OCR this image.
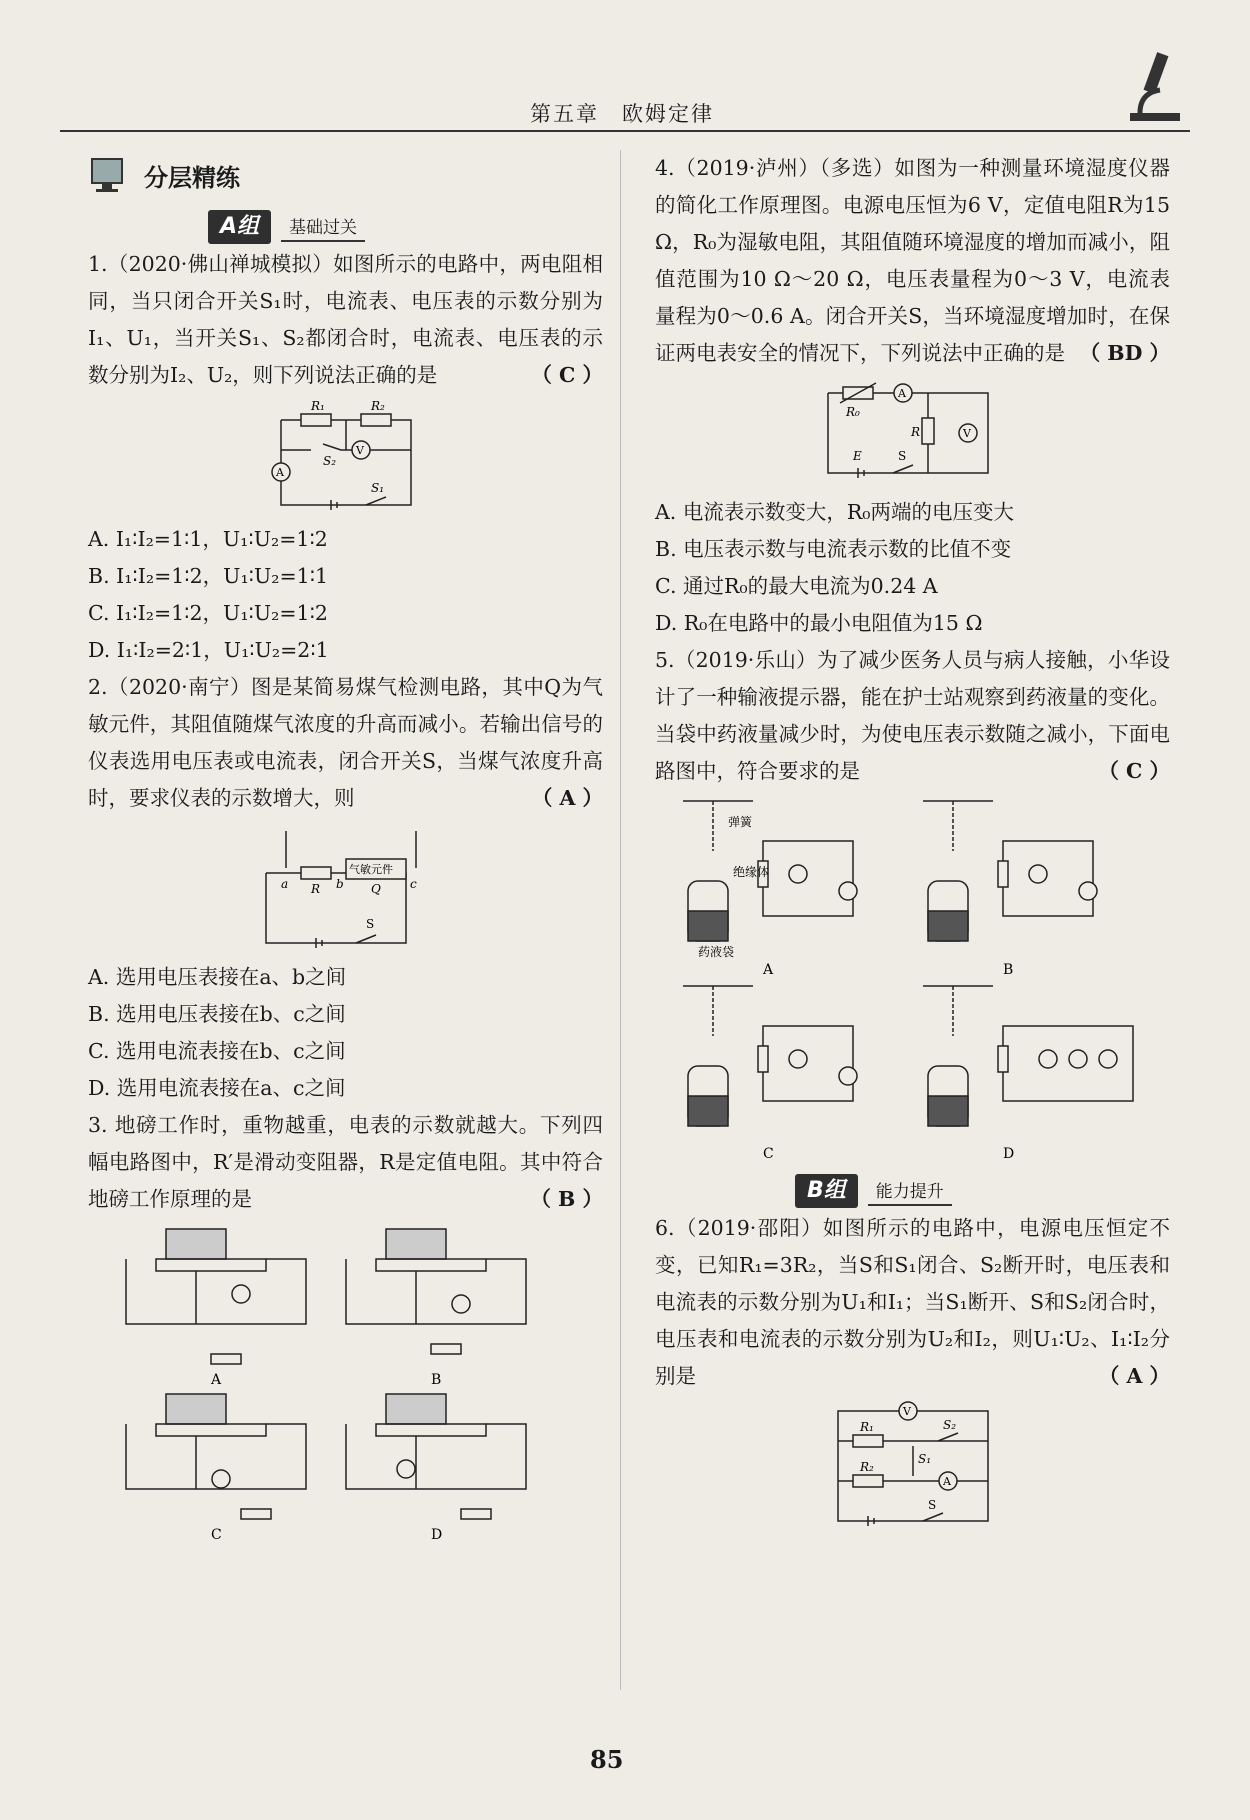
第五章　欧姆定律
分层精练
A组	基础过关

1.（2020·佛山禅城模拟）如图所示的电路中，两电阻相同，当只闭合开关S₁时，电流表、电压表的示数分别为I₁、U₁，当开关S₁、S₂都闭合时，电流表、电压表的示数分别为I₂、U₂，则下列说法正确的是	（ C ）

R₁	R₂
S₂
S₁
V
A

A. I₁∶I₂=1∶1，U₁∶U₂=1∶2

B. I₁∶I₂=1∶2，U₁∶U₂=1∶1

C. I₁∶I₂=1∶2，U₁∶U₂=1∶2

D. I₁∶I₂=2∶1，U₁∶U₂=2∶1

2.（2020·南宁）图是某简易煤气检测电路，其中Q为气敏元件，其阻值随煤气浓度的升高而减小。若输出信号的仪表选用电压表或电流表，闭合开关S，当煤气浓度升高时，要求仪表的示数增大，则	（ A ）

R
气敏元件
Q
a	b	c
S

A. 选用电压表接在a、b之间

B. 选用电压表接在b、c之间

C. 选用电流表接在b、c之间

D. 选用电流表接在a、c之间

3. 地磅工作时，重物越重，电表的示数就越大。下列四幅电路图中，R′是滑动变阻器，R是定值电阻。其中符合地磅工作原理的是	（ B ）

A	B
C	D

4.（2019·泸州）（多选）如图为一种测量环境湿度仪器的简化工作原理图。电源电压恒为6 V，定值电阻R为15 Ω，R₀为湿敏电阻，其阻值随环境湿度的增加而减小，阻值范围为10 Ω～20 Ω，电压表量程为0～3 V，电流表量程为0～0.6 A。闭合开关S，当环境湿度增加时，在保证两电表安全的情况下，下列说法中正确的是 （ BD ）

R₀
A
R	V
E	S

A. 电流表示数变大，R₀两端的电压变大

B. 电压表示数与电流表示数的比值不变

C. 通过R₀的最大电流为0.24 A

D. R₀在电路中的最小电阻值为15 Ω

5.（2019·乐山）为了减少医务人员与病人接触，小华设计了一种输液提示器，能在护士站观察到药液量的变化。当袋中药液量减少时，为使电压表示数随之减小，下面电路图中，符合要求的是	（ C ）

弹簧
绝缘体
药液袋
A	B
C	D
B组	能力提升

6.（2019·邵阳）如图所示的电路中，电源电压恒定不变，已知R₁=3R₂，当S和S₁闭合、S₂断开时，电压表和电流表的示数分别为U₁和I₁；当S₁断开、S和S₂闭合时，电压表和电流表的示数分别为U₂和I₂，则U₁∶U₂、I₁∶I₂分别是	（ A ）

V
R₁	S₂
S₁
R₂
A
S
85
